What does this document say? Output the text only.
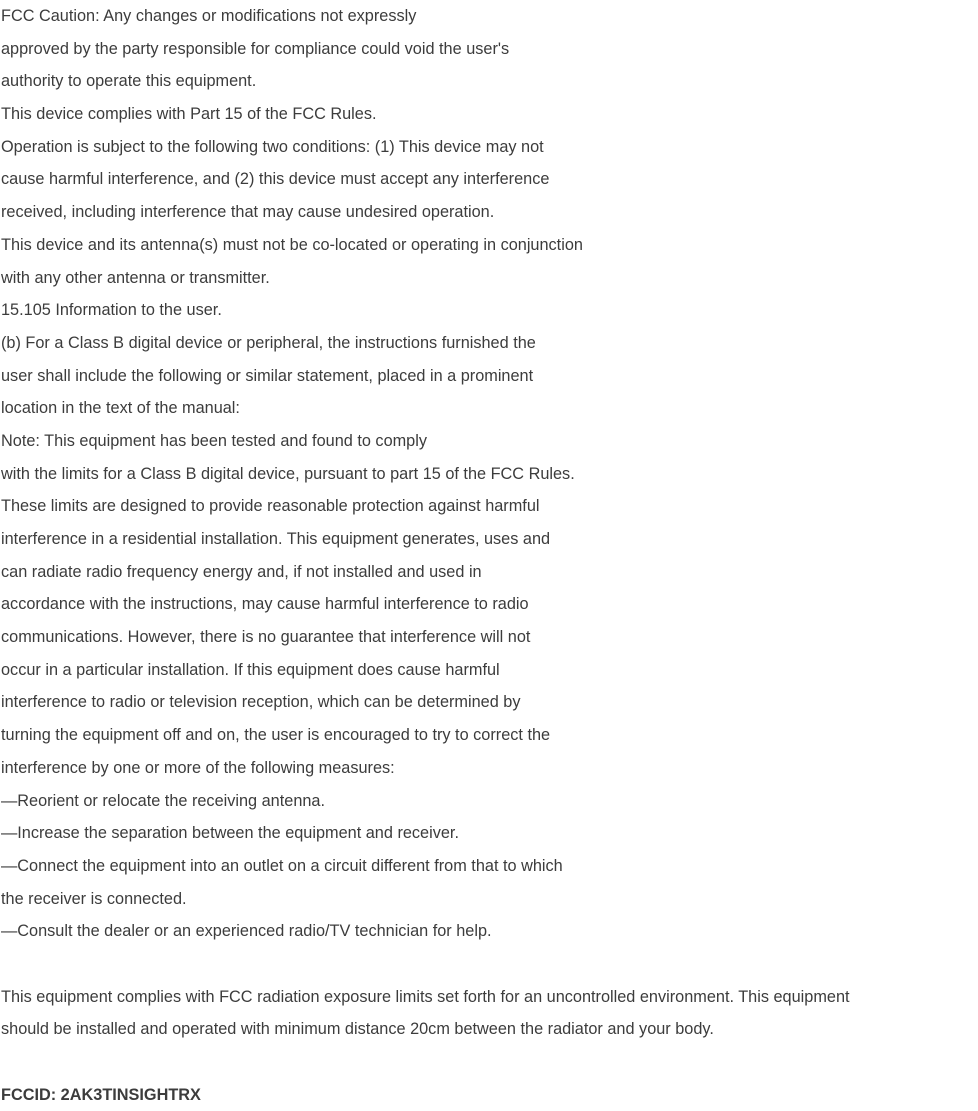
FCC Caution: Any changes or modifications not expressly

approved by the party responsible for compliance could void the user's

authority to operate this equipment.

This device complies with Part 15 of the FCC Rules.

Operation is subject to the following two conditions: (1) This device may not

cause harmful interference, and (2) this device must accept any interference

received, including interference that may cause undesired operation.

This device and its antenna(s) must not be co-located or operating in conjunction

with any other antenna or transmitter.

15.105 Information to the user.

(b) For a Class B digital device or peripheral, the instructions furnished the

user shall include the following or similar statement, placed in a prominent

location in the text of the manual:

Note: This equipment has been tested and found to comply

with the limits for a Class B digital device, pursuant to part 15 of the FCC Rules.

These limits are designed to provide reasonable protection against harmful

interference in a residential installation. This equipment generates, uses and

can radiate radio frequency energy and, if not installed and used in

accordance with the instructions, may cause harmful interference to radio

communications. However, there is no guarantee that interference will not

occur in a particular installation. If this equipment does cause harmful

interference to radio or television reception, which can be determined by

turning the equipment off and on, the user is encouraged to try to correct the

interference by one or more of the following measures:

—Reorient or relocate the receiving antenna.

—Increase the separation between the equipment and receiver.

—Connect the equipment into an outlet on a circuit different from that to which

the receiver is connected.

—Consult the dealer or an experienced radio/TV technician for help.

This equipment complies with FCC radiation exposure limits set forth for an uncontrolled environment. This equipment

should be installed and operated with minimum distance 20cm between the radiator and your body.

FCCID: 2AK3TINSIGHTRX
